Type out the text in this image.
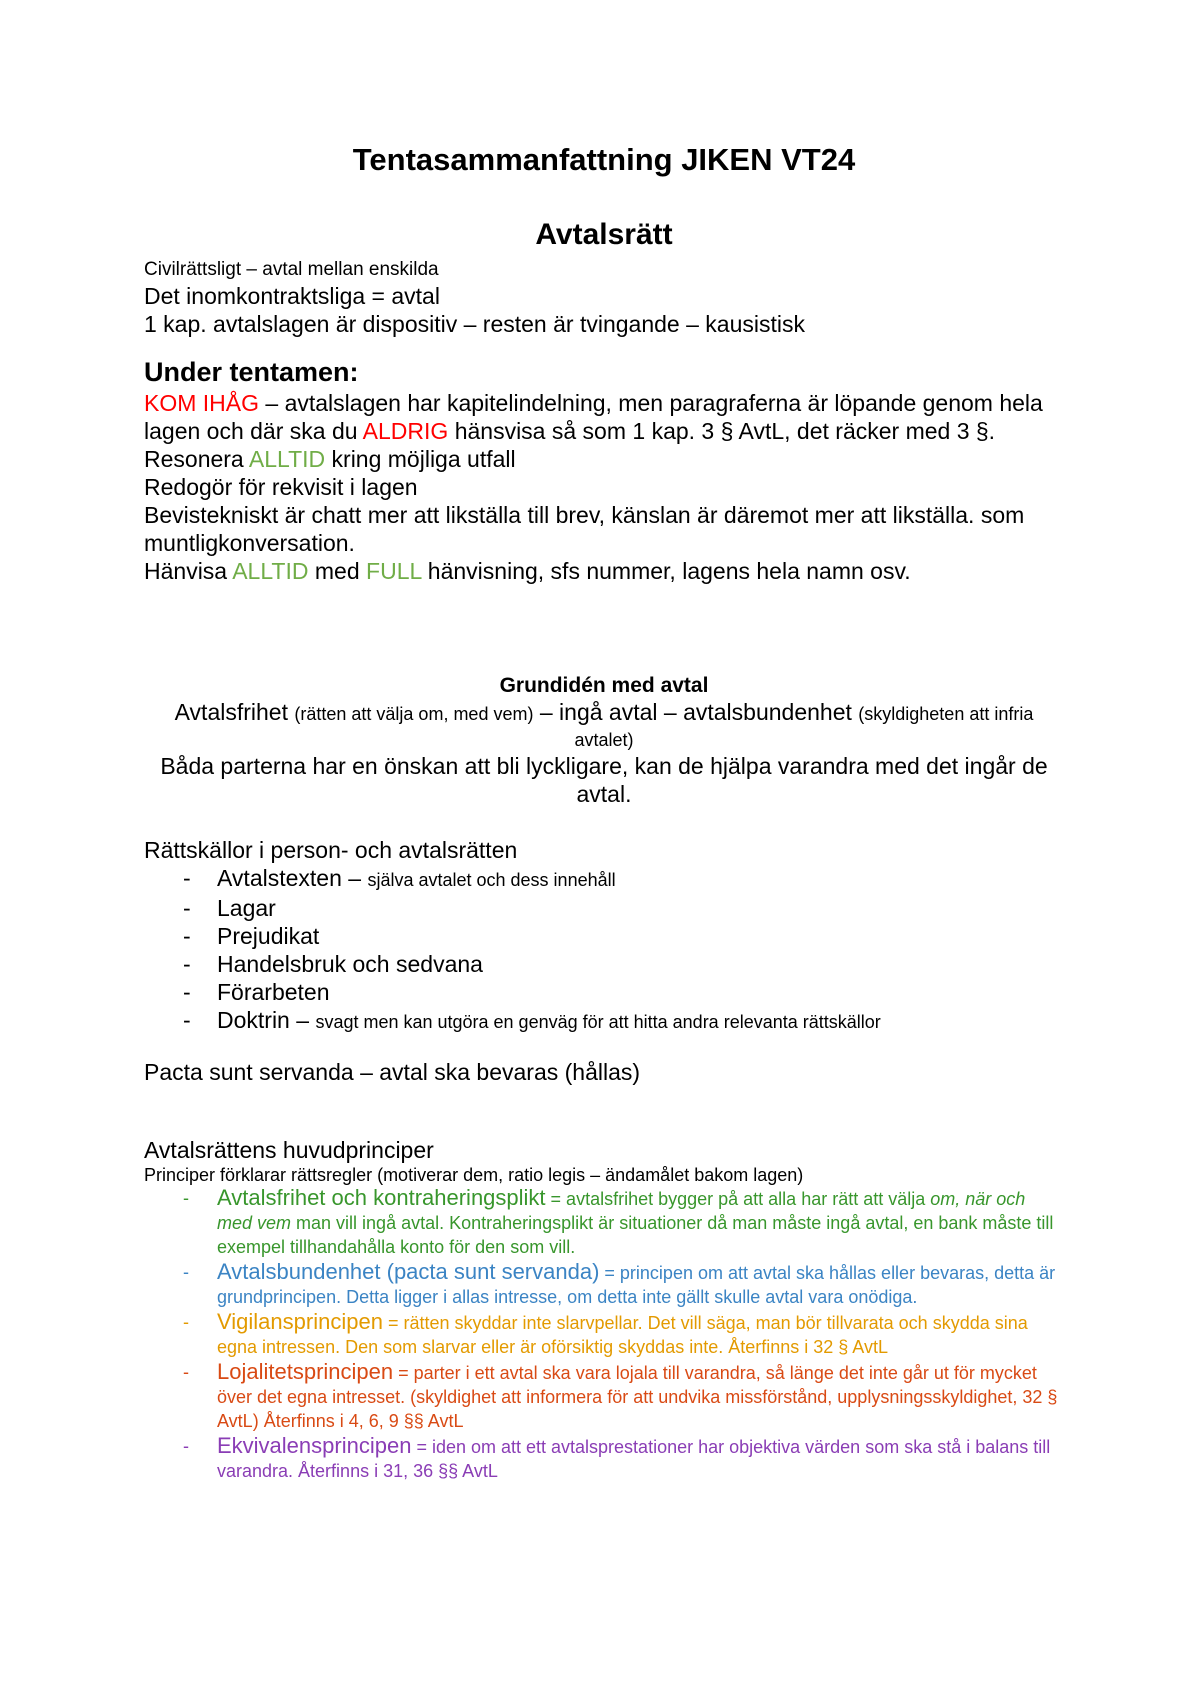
Tentasammanfattning JIKEN VT24
Avtalsrätt
Civilrättsligt – avtal mellan enskilda
Det inomkontraktsliga = avtal
1 kap. avtalslagen är dispositiv – resten är tvingande – kausistisk
Under tentamen:
KOM IHÅG – avtalslagen har kapitelindelning, men paragraferna är löpande genom hela lagen och där ska du ALDRIG hänsvisa så som 1 kap. 3 § AvtL, det räcker med 3 §.
Resonera ALLTID kring möjliga utfall
Redogör för rekvisit i lagen
Bevistekniskt är chatt mer att likställa till brev, känslan är däremot mer att likställa. som muntligkonversation.
Hänvisa ALLTID med FULL hänvisning, sfs nummer, lagens hela namn osv.
Grundidén med avtal
Avtalsfrihet (rätten att välja om, med vem) – ingå avtal – avtalsbundenhet (skyldigheten att infria avtalet)
Båda parterna har en önskan att bli lyckligare, kan de hjälpa varandra med det ingår de avtal.
Rättskällor i person- och avtalsrätten
- Avtalstexten – själva avtalet och dess innehåll
- Lagar
- Prejudikat
- Handelsbruk och sedvana
- Förarbeten
- Doktrin – svagt men kan utgöra en genväg för att hitta andra relevanta rättskällor
Pacta sunt servanda – avtal ska bevaras (hållas)
Avtalsrättens huvudprinciper
Principer förklarar rättsregler (motiverar dem, ratio legis – ändamålet bakom lagen)
- Avtalsfrihet och kontraheringsplikt = avtalsfrihet bygger på att alla har rätt att välja om, när och med vem man vill ingå avtal. Kontraheringsplikt är situationer då man måste ingå avtal, en bank måste till exempel tillhandahålla konto för den som vill.
- Avtalsbundenhet (pacta sunt servanda) = principen om att avtal ska hållas eller bevaras, detta är grundprincipen. Detta ligger i allas intresse, om detta inte gällt skulle avtal vara onödiga.
- Vigilansprincipen = rätten skyddar inte slarvpellar. Det vill säga, man bör tillvarata och skydda sina egna intressen. Den som slarvar eller är oförsiktig skyddas inte. Återfinns i 32 § AvtL
- Lojalitetsprincipen = parter i ett avtal ska vara lojala till varandra, så länge det inte går ut för mycket över det egna intresset. (skyldighet att informera för att undvika missförstånd, upplysningsskyldighet, 32 § AvtL) Återfinns i 4, 6, 9 §§ AvtL
- Ekvivalensprincipen = iden om att ett avtalsprestationer har objektiva värden som ska stå i balans till varandra. Återfinns i 31, 36 §§ AvtL
